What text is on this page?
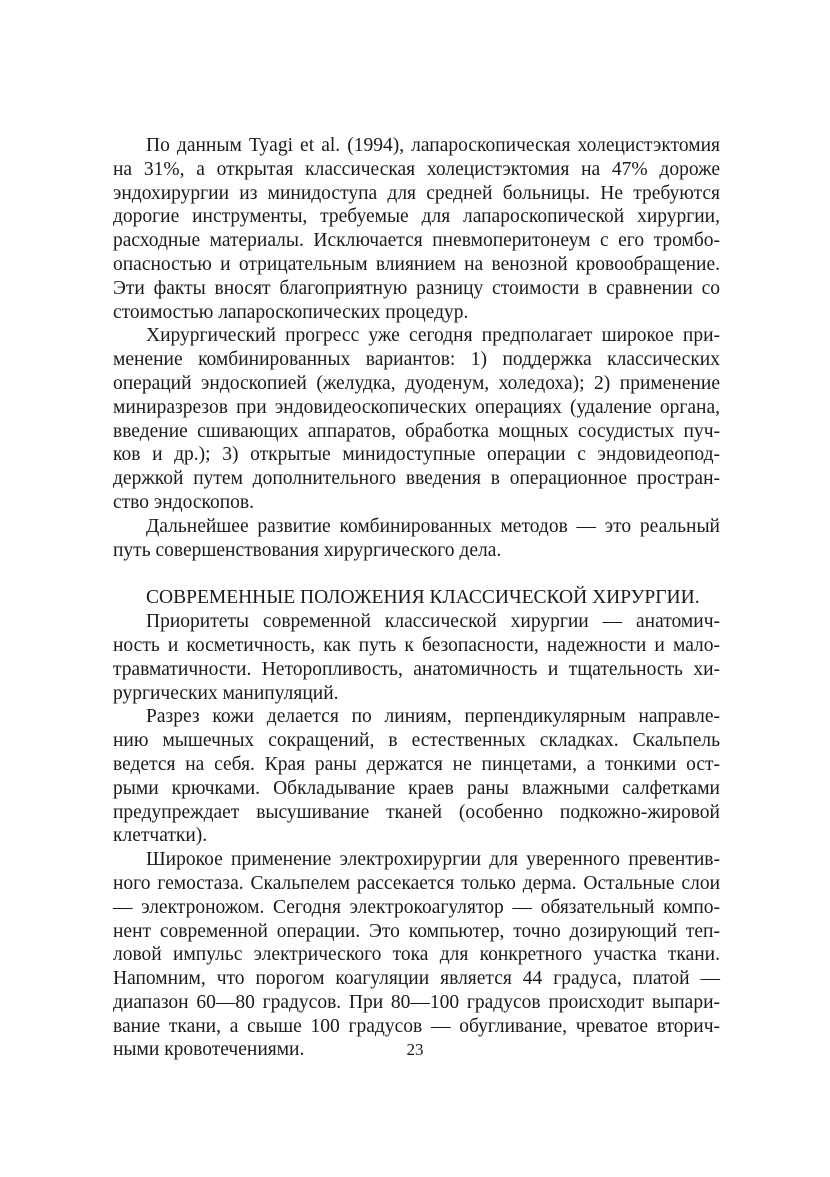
По данным Tyagi et al. (1994), лапароскопическая холецистэктомия
на 31%, а открытая классическая холецистэктомия на 47% дороже
эндохирургии из минидоступа для средней больницы. Не требуются
дорогие инструменты, требуемые для лапароскопической хирургии,
расходные материалы. Исключается пневмоперитонеум с его тромбо-
опасностью и отрицательным влиянием на венозной кровообращение.
Эти факты вносят благоприятную разницу стоимости в сравнении со
стоимостью лапароскопических процедур.
Хирургический прогресс уже сегодня предполагает широкое при-
менение комбинированных вариантов: 1) поддержка классических
операций эндоскопией (желудка, дуоденум, холедоха); 2) применение
миниразрезов при эндовидеоскопических операциях (удаление органа,
введение сшивающих аппаратов, обработка мощных сосудистых пуч-
ков и др.); 3) открытые минидоступные операции с эндовидеопод-
держкой путем дополнительного введения в операционное простран-
ство эндоскопов.
Дальнейшее развитие комбинированных методов — это реальный
путь совершенствования хирургического дела.
СОВРЕМЕННЫЕ ПОЛОЖЕНИЯ КЛАССИЧЕСКОЙ ХИРУРГИИ.
Приоритеты современной классической хирургии — анатомич-
ность и косметичность, как путь к безопасности, надежности и мало-
травматичности. Неторопливость, анатомичность и тщательность хи-
рургических манипуляций.
Разрез кожи делается по линиям, перпендикулярным направле-
нию мышечных сокращений, в естественных складках. Скальпель
ведется на себя. Края раны держатся не пинцетами, а тонкими ост-
рыми крючками. Обкладывание краев раны влажными салфетками
предупреждает высушивание тканей (особенно подкожно-жировой
клетчатки).
Широкое применение электрохирургии для уверенного превентив-
ного гемостаза. Скальпелем рассекается только дерма. Остальные слои
— электроножом. Сегодня электрокоагулятор — обязательный компо-
нент современной операции. Это компьютер, точно дозирующий теп-
ловой импульс электрического тока для конкретного участка ткани.
Напомним, что порогом коагуляции является 44 градуса, платой —
диапазон 60—80 градусов. При 80—100 градусов происходит выпари-
вание ткани, а свыше 100 градусов — обугливание, чреватое вторич-
ными кровотечениями.	23
